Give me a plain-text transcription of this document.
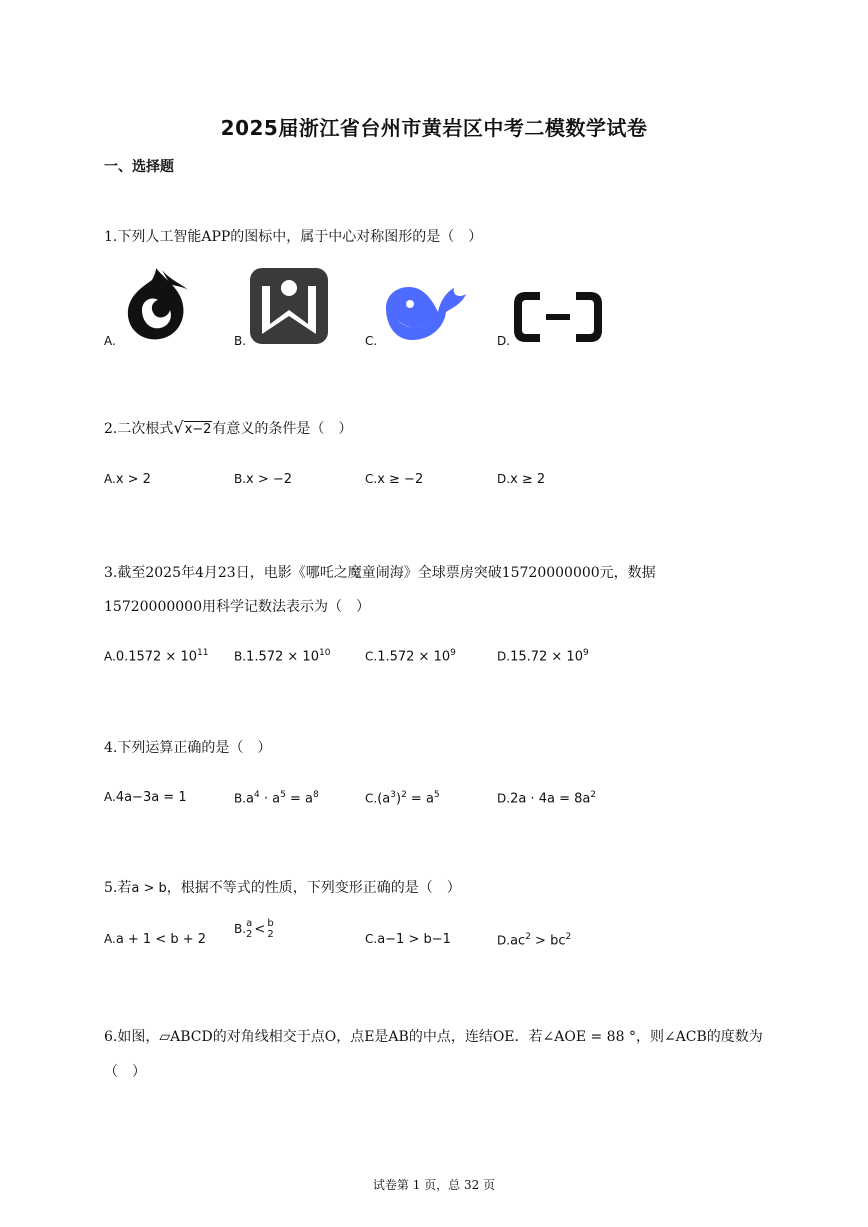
2025届浙江省台州市黄岩区中考二模数学试卷
一、选择题
1.下列人工智能APP的图标中，属于中心对称图形的是（　）
A.	B.	C.	D.
2.二次根式√x−2有意义的条件是（　）
A.x > 2	B.x > −2	C.x ≥ −2	D.x ≥ 2
3.截至2025年4月23日，电影《哪吒之魔童闹海》全球票房突破15720000000元，数据
15720000000用科学记数法表示为（　）
$A.0.1572 \times 10^{11}$ $B.1.572 \times 10^{10}$	$C.1.572 \times 10^9$	$D.15.72 \times 10^9$
4.下列运算正确的是（　）
A.4a−3a = 1	$B.a^4 \cdot a^5 = a^8$	$C.(a^3)^2 = a^5$	$D.2a \cdot 4a = 8a^2$
5.若a > b，根据不等式的性质，下列变形正确的是（　）
A.a + 1 < b + 2
B. a
2 < b
2	C.a−1 > b−1	$D.ac^2 > bc^2$
6.如图，▱ABCD的对角线相交于点O，点E是AB的中点，连结OE．若∠AOE = 88 °，则∠ACB的度数为
（　）
试卷第 1 页，总 32 页
